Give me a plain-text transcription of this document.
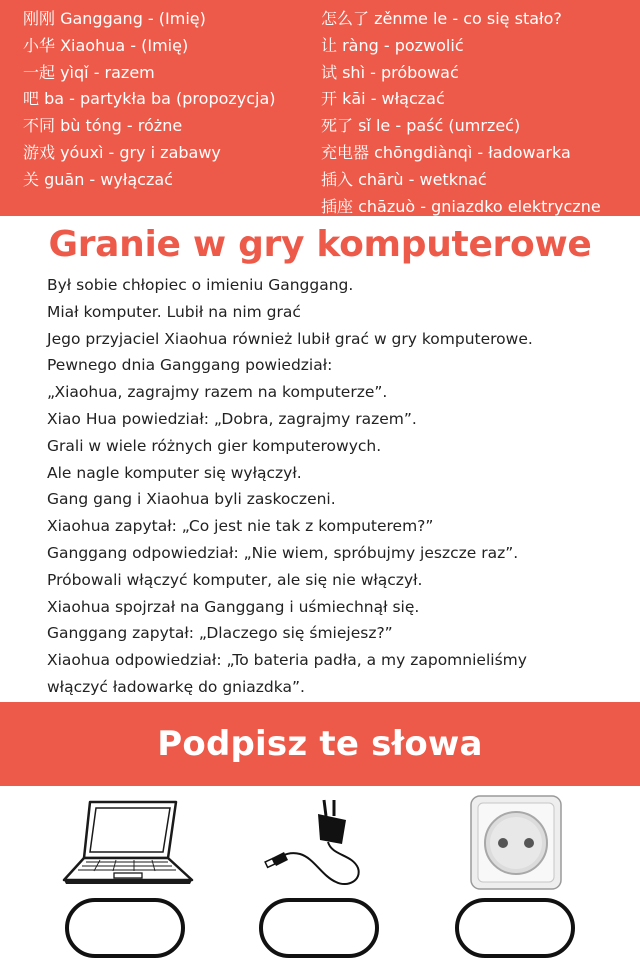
刚刚 Ganggang - (Imię)
小华 Xiaohua - (Imię)
一起 yìqǐ - razem
吧 ba - partykła ba (propozycja)
不同 bù tóng - różne
游戏 yóuxì - gry i zabawy
关 guān - wyłączać
怎么了 zěnme le - co się stało?
让 ràng - pozwolić
试 shì - próbować
开 kāi - włączać
死了 sǐ le - paść (umrzeć)
充电器 chōngdiànqì - ładowarka
插入 chārù - wetknać
插座 chāzuò - gniazdko elektryczne
Granie w gry komputerowe
Był sobie chłopiec o imieniu Ganggang.
Miał komputer. Lubił na nim grać
Jego przyjaciel Xiaohua również lubił grać w gry komputerowe.
Pewnego dnia Ganggang powiedział:
„Xiaohua, zagrajmy razem na komputerze”.
Xiao Hua powiedział: „Dobra, zagrajmy razem”.
Grali w wiele różnych gier komputerowych.
Ale nagle komputer się wyłączył.
Gang gang i Xiaohua byli zaskoczeni.
Xiaohua zapytał: „Co jest nie tak z komputerem?”
Ganggang odpowiedział: „Nie wiem, spróbujmy jeszcze raz”.
Próbowali włączyć komputer, ale się nie włączył.
Xiaohua spojrzał na Ganggang i uśmiechnął się.
Ganggang zapytał: „Dlaczego się śmiejesz?”
Xiaohua odpowiedział: „To bateria padła, a my zapomnieliśmy
włączyć ładowarkę do gniazdka”.
Podpisz te słowa
